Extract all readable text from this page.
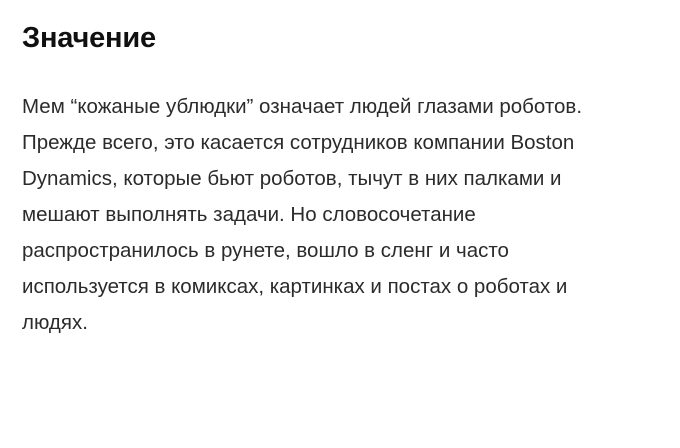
Значение

Мем “кожаные ублюдки” означает людей глазами роботов. Прежде всего, это касается сотрудников компании Boston Dynamics, которые бьют роботов, тычут в них палками и мешают выполнять задачи. Но словосочетание распространилось в рунете, вошло в сленг и часто используется в комиксах, картинках и постах о роботах и людях.
